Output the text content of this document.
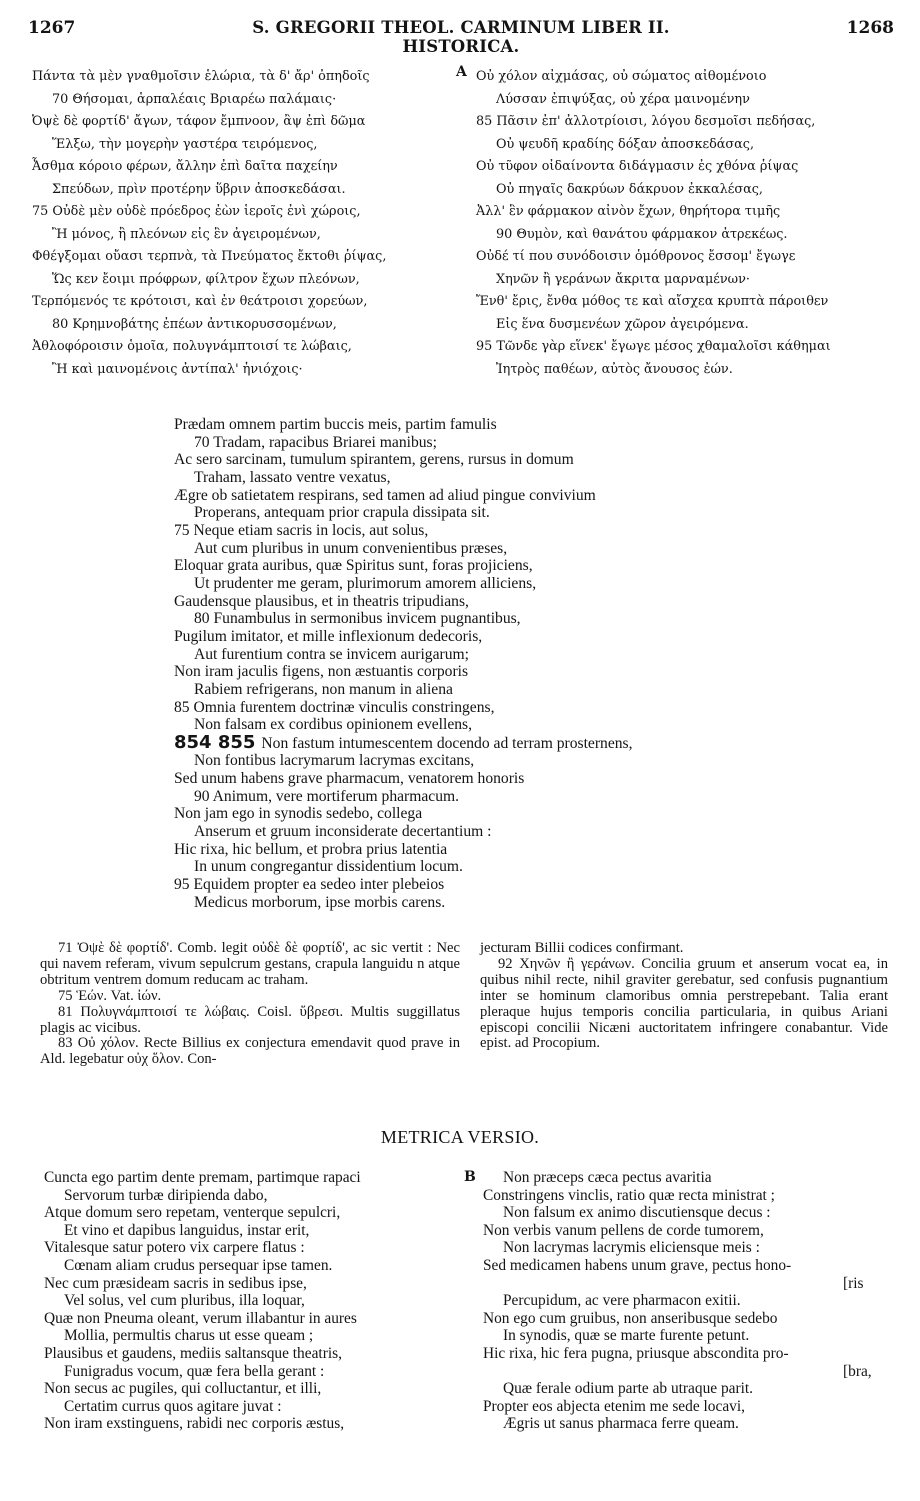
1267	S. GREGORII THEOL. CARMINUM LIBER II. HISTORICA.
1268
A
Πάντα τὰ μὲν γναθμοῖσιν ἑλώρια, τὰ δ' ἄρ' ὀπηδοῖς
70 Θήσομαι, ἁρπαλέαις Βριαρέω παλάμαις·
Ὀψὲ δὲ φορτίδ' ἄγων, τάφον ἔμπνοον, ἂψ ἐπὶ δῶμα
Ἕλξω, τὴν μογερὴν γαστέρα τειρόμενος,
Ἆσθμα κόροιο φέρων, ἄλλην ἐπὶ δαῖτα παχείην
Σπεύδων, πρὶν προτέρην ὕβριν ἀποσκεδάσαι.
75 Οὐδὲ μὲν οὐδὲ πρόεδρος ἐὼν ἱεροῖς ἐνὶ χώροις,
Ἢ μόνος, ἢ πλεόνων εἰς ἓν ἀγειρομένων,
Φθέγξομαι οὔασι τερπνὰ, τὰ Πνεύματος ἔκτοθι ῥίψας,
Ὥς κεν ἔοιμι πρόφρων, φίλτρον ἔχων πλεόνων,
Τερπόμενός τε κρότοισι, καὶ ἐν θεάτροισι χορεύων,
80 Κρημνοβάτης ἐπέων ἀντικορυσσομένων,
Ἀθλοφόροισιν ὁμοῖα, πολυγνάμπτοισί τε λώβαις,
Ἢ καὶ μαινομένοις ἀντίπαλ' ἡνιόχοις·
Οὐ χόλον αἰχμάσας, οὐ σώματος αἰθομένοιο
Λύσσαν ἐπιψύξας, οὐ χέρα μαινομένην
85 Πᾶσιν ἐπ' ἀλλοτρίοισι, λόγου δεσμοῖσι πεδήσας,
Οὐ ψευδῆ κραδίης δόξαν ἀποσκεδάσας,
Οὐ τῦφον οἰδαίνοντα διδάγμασιν ἐς χθόνα ῥίψας
Οὐ πηγαῖς δακρύων δάκρυον ἐκκαλέσας,
Ἀλλ' ἓν φάρμακον αἰνὸν ἔχων, θηρήτορα τιμῆς
90 Θυμὸν, καὶ θανάτου φάρμακον ἀτρεκέως.
Οὐδέ τί που συνόδοισιν ὁμόθρονος ἔσσομ' ἔγωγε
Χηνῶν ἢ γεράνων ἄκριτα μαρναμένων·
Ἔνθ' ἔρις, ἔνθα μόθος τε καὶ αἴσχεα κρυπτὰ πάροιθεν
Εἰς ἕνα δυσμενέων χῶρον ἀγειρόμενα.
95 Τῶνδε γὰρ εἵνεκ' ἔγωγε μέσος χθαμαλοῖσι κάθημαι
Ἰητρὸς παθέων, αὐτὸς ἄνουσος ἐών.
Prædam omnem partim buccis meis, partim famulis
70 Tradam, rapacibus Briarei manibus;
Ac sero sarcinam, tumulum spirantem, gerens, rursus in domum
Traham, lassato ventre vexatus,
Ægre ob satietatem respirans, sed tamen ad aliud pingue convivium
Properans, antequam prior crapula dissipata sit.
75 Neque etiam sacris in locis, aut solus,
Aut cum pluribus in unum convenientibus præses,
Eloquar grata auribus, quæ Spiritus sunt, foras projiciens,
Ut prudenter me geram, plurimorum amorem alliciens,
Gaudensque plausibus, et in theatris tripudians,
80 Funambulus in sermonibus invicem pugnantibus,
Pugilum imitator, et mille inflexionum dedecoris,
Aut furentium contra se invicem aurigarum;
Non iram jaculis figens, non æstuantis corporis
Rabiem refrigerans, non manum in aliena
85 Omnia furentem doctrinæ vinculis constringens,
Non falsam ex cordibus opinionem evellens,
854 855 Non fastum intumescentem docendo ad terram prosternens,
Non fontibus lacrymarum lacrymas excitans,
Sed unum habens grave pharmacum, venatorem honoris
90 Animum, vere mortiferum pharmacum.
Non jam ego in synodis sedebo, collega
Anserum et gruum inconsiderate decertantium :
Hic rixa, hic bellum, et probra prius latentia
In unum congregantur dissidentium locum.
95 Equidem propter ea sedeo inter plebeios
Medicus morborum, ipse morbis carens.

71 Ὀψὲ δὲ φορτίδ'. Comb. legit οὐδὲ δὲ φορτίδ', ac sic vertit : Nec qui navem referam, vivum sepulcrum gestans, crapula languidu n atque obtritum ventrem domum reducam ac traham.

75 Ἑών. Vat. ἰών.

81 Πολυγνάμπτοισί τε λώβαις. Coisl. ὕβρεσι. Multis suggillatus plagis ac vicibus.

83 Οὐ χόλον. Recte Billius ex conjectura emendavit quod prave in Ald. legebatur οὐχ ὅλον. Con-

jecturam Billii codices confirmant.

92 Χηνῶν ἢ γεράνων. Concilia gruum et anserum vocat ea, in quibus nihil recte, nihil graviter gerebatur, sed confusis pugnantium inter se hominum clamoribus omnia perstrepebant. Talia erant pleraque hujus temporis concilia particularia, in quibus Ariani episcopi concilii Nicæni auctoritatem infringere conabantur. Vide epist. ad Procopium.

METRICA VERSIO.
B
Cuncta ego partim dente premam, partimque rapaci
Servorum turbæ diripienda dabo,
Atque domum sero repetam, venterque sepulcri,
Et vino et dapibus languidus, instar erit,
Vitalesque satur potero vix carpere flatus :
Cœnam aliam crudus persequar ipse tamen.
Nec cum præsideam sacris in sedibus ipse,
Vel solus, vel cum pluribus, illa loquar,
Quæ non Pneuma oleant, verum illabantur in aures
Mollia, permultis charus ut esse queam ;
Plausibus et gaudens, mediis saltansque theatris,
Funigradus vocum, quæ fera bella gerant :
Non secus ac pugiles, qui colluctantur, et illi,
Certatim currus quos agitare juvat :
Non iram exstinguens, rabidi nec corporis æstus,
Non præceps cæca pectus avaritia
Constringens vinclis, ratio quæ recta ministrat ;
Non falsum ex animo discutiensque decus :
Non verbis vanum pellens de corde tumorem,
Non lacrymas lacrymis eliciensque meis :
Sed medicamen habens unum grave, pectus hono-
[ris
Percupidum, ac vere pharmacon exitii.
Non ego cum gruibus, non anseribusque sedebo
In synodis, quæ se marte furente petunt.
Hic rixa, hic fera pugna, priusque abscondita pro-
[bra,
Quæ ferale odium parte ab utraque parit.
Propter eos abjecta etenim me sede locavi,
Ægris ut sanus pharmaca ferre queam.
